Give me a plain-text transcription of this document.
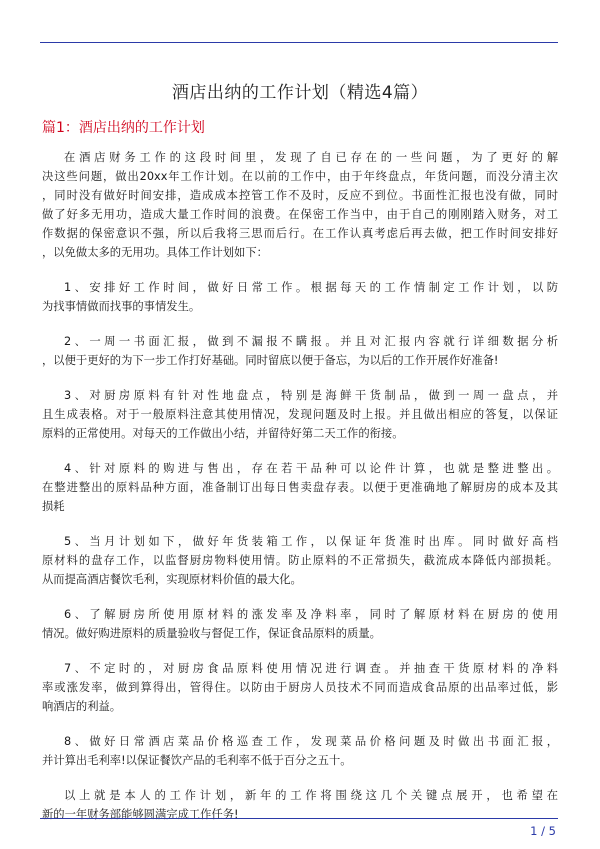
酒店出纳的工作计划（精选4篇）
篇1：酒店出纳的工作计划

在酒店财务工作的这段时间里，发现了自已存在的一些问题，为了更好的解
决这些问题，做出20xx年工作计划。在以前的工作中，由于年终盘点，年货问题，而没分清主次
，同时没有做好时间安排，造成成本控管工作不及时，反应不到位。书面性汇报也没有做，同时
做了好多无用功，造成大量工作时间的浪费。在保密工作当中，由于自己的刚刚踏入财务，对工
作数据的保密意识不强，所以后我将三思而后行。在工作认真考虑后再去做，把工作时间安排好
，以免做太多的无用功。具体工作计划如下：

1、安排好工作时间，做好日常工作。根据每天的工作情制定工作计划，以防
为找事情做而找事的事情发生。

2、一周一书面汇报，做到不漏报不瞒报。并且对汇报内容就行详细数据分析
，以便于更好的为下一步工作打好基础。同时留底以便于备忘，为以后的工作开展作好准备!

3、对厨房原料有针对性地盘点，特别是海鲜干货制品，做到一周一盘点，并
且生成表格。对于一般原料注意其使用情况，发现问题及时上报。并且做出相应的答复，以保证
原料的正常使用。对每天的工作做出小结，并留待好第二天工作的衔接。

4、针对原料的购进与售出，存在若干品种可以论件计算，也就是整进整出。
在整进整出的原料品种方面，准备制订出每日售卖盘存表。以便于更准确地了解厨房的成本及其
损耗

5、当月计划如下，做好年货装箱工作，以保证年货准时出库。同时做好高档
原材料的盘存工作，以监督厨房物料使用情。防止原料的不正常损失，截流成本降低内部损耗。
从而提高酒店餐饮毛利，实现原材料价值的最大化。

6、了解厨房所使用原材料的涨发率及净料率，同时了解原材料在厨房的使用
情况。做好购进原料的质量验收与督促工作，保证食品原料的质量。

7、不定时的，对厨房食品原料使用情况进行调查。并抽查干货原材料的净料
率或涨发率，做到算得出，管得住。以防由于厨房人员技术不同而造成食品原的出品率过低，影
响酒店的利益。

8、做好日常酒店菜品价格巡查工作，发现菜品价格问题及时做出书面汇报，
并计算出毛利率!以保证餐饮产品的毛利率不低于百分之五十。

以上就是本人的工作计划，新年的工作将围绕这几个关键点展开，也希望在
新的一年财务部能够圆满完成工作任务!

1 / 5
